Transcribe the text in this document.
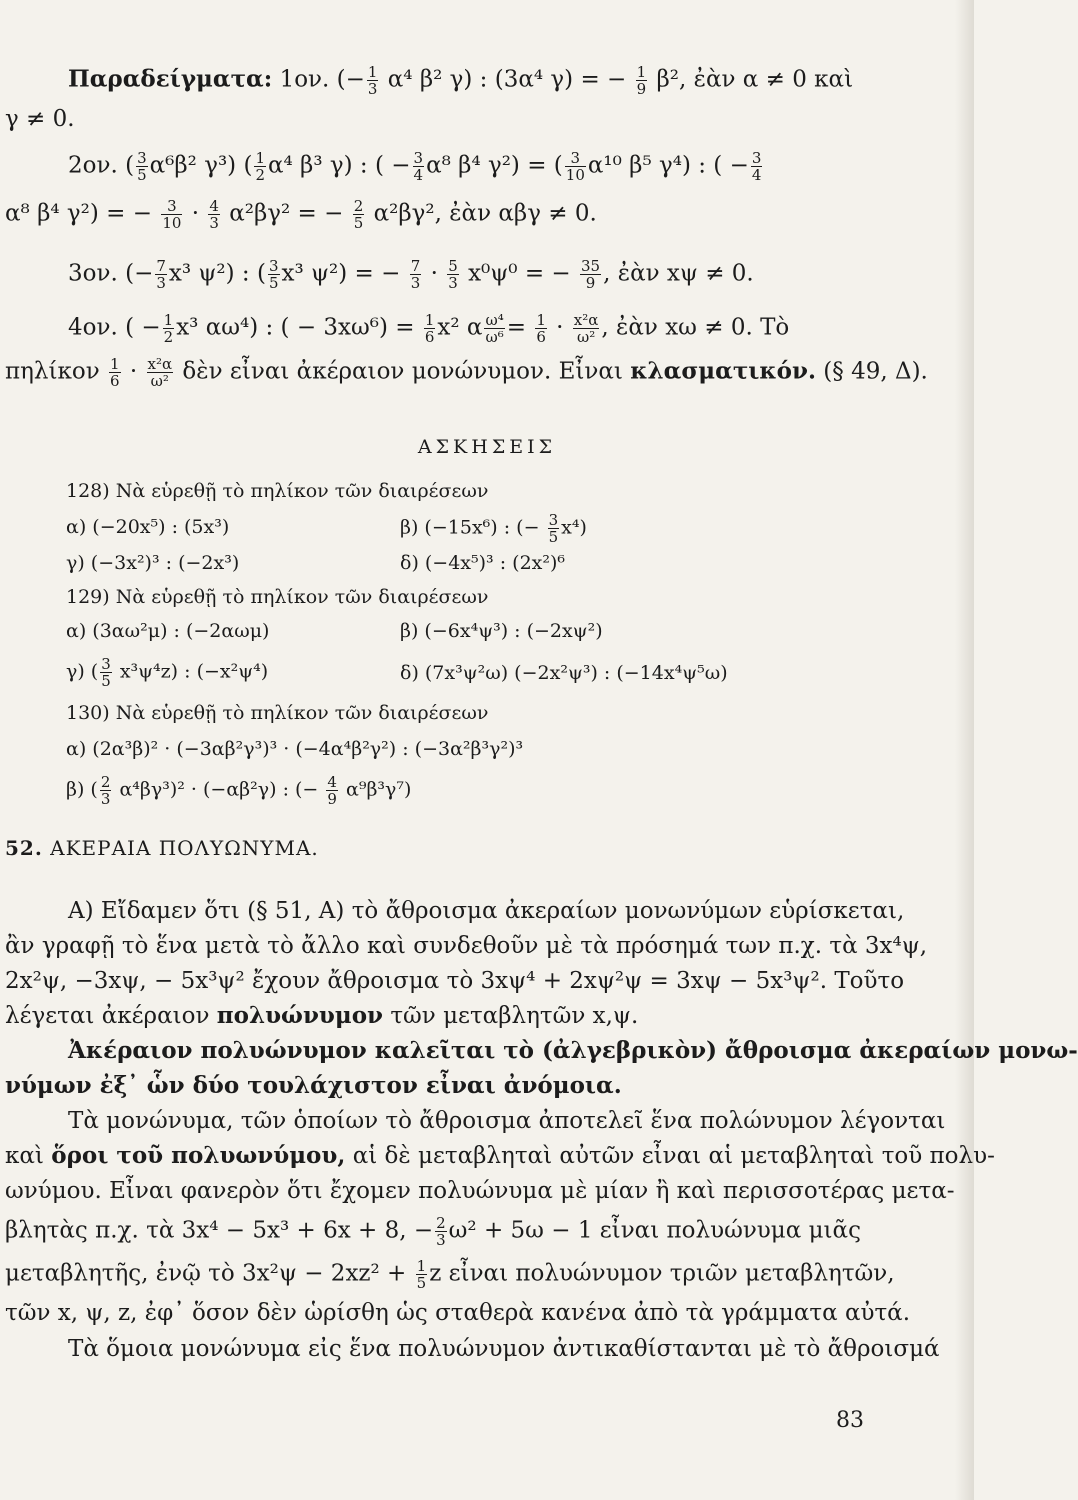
Παραδείγματα: 1ον. (− $\frac{1}{3} \alpha^4$ β² γ) : (3α⁴ γ) = − $\frac{1}{9} \beta^2$, ἐὰν α ≠ 0 καὶ
γ ≠ 0.
2ον. ( $\frac{3}{5} \alpha^6\beta^2$ γ³) ( $\frac{1}{2} \alpha^4$ β³ γ) : ( − $\frac{3}{4} \alpha^8$ β⁴ γ²) = ( $\frac{3}{10} \alpha^{10}$ β⁵ γ⁴) : ( − $\frac{3}{4}$
α⁸ β⁴ γ²) = − $\frac{3}{10} \cdot \frac{4}{3} \alpha^2\beta\gamma^2$ = − $\frac{2}{5} \alpha^2\beta\gamma^2$, ἐὰν αβγ ≠ 0.
3ον. (− $\frac{7}{3} x^3$ ψ²) : ( $\frac{3}{5} x^3$ ψ²) = − $\frac{7}{3} \cdot \frac{5}{3} x^0\psi^0$ = − $\frac{35}{9}$ , ἐὰν xψ ≠ 0.
4ον. ( − $\frac{1}{2} x^3$ αω⁴) : ( − $3x\omega^6) = \frac{1}{6} x^2$ α $\frac{\text{ω⁴}}{\text{ω⁶}} = \frac{1}{6} \cdot \frac{\text{x²α}}{\text{ω²}}$ , ἐὰν xω ≠ 0. Τὸ
πηλίκον $\frac{1}{6} \cdot \frac{\text{x²α}}{\text{ω²}}$ δὲν εἶναι ἀκέραιον μονώνυμον. Εἶναι κλασματικόν. (§ 49, Δ).
ΑΣΚΗΣΕΙΣ
128) Νὰ εὑρεθῇ τὸ πηλίκον τῶν διαιρέσεων
α) (−20x⁵) : (5x³)	β) (−15x⁶) : (− $\frac{3}{5} x^4$)
γ) (−3x²)³ : (−2x³)	δ) (−4x⁵)³ : (2x²)⁶
129) Νὰ εὑρεθῇ τὸ πηλίκον τῶν διαιρέσεων
α) (3αω²μ) : (−2αωμ)	β) (−6x⁴ψ³) : (−2xψ²)
γ) ( $\frac{3}{5} x^3\psi^4z$) : (−x²ψ⁴)	δ) (7x³ψ²ω) (−2x²ψ³) : (−14x⁴ψ⁵ω)
130) Νὰ εὑρεθῇ τὸ πηλίκον τῶν διαιρέσεων
α) (2α³β)² · (−3αβ²γ³)³ · (−4α⁴β²γ²) : (−3α²β³γ²)³
β) ( $\frac{2}{3} \alpha^4\beta\gamma^3)^2 \cdot (-\alpha\beta^2\gamma)$ : (− $\frac{4}{9} \alpha^9\beta^3\gamma^7$)
52. ΑΚΕΡΑΙΑ ΠΟΛΥΩΝΥΜΑ.
Α) Εἴδαμεν ὅτι (§ 51, Α) τὸ ἄθροισμα ἀκεραίων μονωνύμων εὑρίσκεται,
ἂν γραφῇ τὸ ἕνα μετὰ τὸ ἄλλο καὶ συνδεθοῦν μὲ τὰ πρόσημά των π.χ. τὰ 3x⁴ψ,
2x²ψ, −3xψ, − 5x³ψ² ἔχουν ἄθροισμα τὸ 3xψ⁴ + 2xψ²ψ = 3xψ − 5x³ψ². Τοῦτο
λέγεται ἀκέραιον πολυώνυμον τῶν μεταβλητῶν x,ψ.
Ἀκέραιον πολυώνυμον καλεῖται τὸ (ἀλγεβρικὸν) ἄθροισμα ἀκεραίων μονω-
νύμων ἐξ᾽ ὧν δύο τουλάχιστον εἶναι ἀνόμοια.
Τὰ μονώνυμα, τῶν ὁποίων τὸ ἄθροισμα ἀποτελεῖ ἕνα πολώνυμον λέγονται
καὶ ὅροι τοῦ πολυωνύμου, αἱ δὲ μεταβληταὶ αὐτῶν εἶναι αἱ μεταβληταὶ τοῦ πολυ-
ωνύμου. Εἶναι φανερὸν ὅτι ἔχομεν πολυώνυμα μὲ μίαν ἢ καὶ περισσοτέρας μετα-
βλητὰς π.χ. τὰ 3x⁴ − 5x³ + 6x + 8, − $\frac{2}{3} \omega^2 + 5\omega - 1$ εἶναι πολυώνυμα μιᾶς
μεταβλητῆς, ἐνῷ τὸ $3x^2\psi - 2xz^2 + \frac{1}{5}$ z εἶναι πολυώνυμον τριῶν μεταβλητῶν,
τῶν x, ψ, z, ἐφ᾽ ὅσον δὲν ὡρίσθη ὡς σταθερὰ κανένα ἀπὸ τὰ γράμματα αὐτά.
Τὰ ὅμοια μονώνυμα εἰς ἕνα πολυώνυμον ἀντικαθίστανται μὲ τὸ ἄθροισμά
83
